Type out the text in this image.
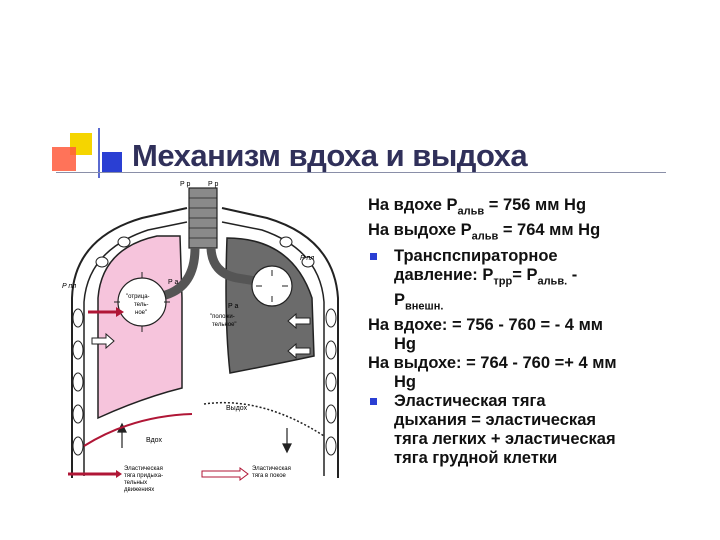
Механизм вдоха и выдоха
P р	P р
P пл
P пл
P а
P а
"отрица-
тель-
ное"
"положи-
тельное"
Вдох
Выдох
Эластическая
тяга придыха-
тельных
движениях
Эластическая
тяга в покое
На вдохе $Р_{альв} = 756$ мм Hg
На выдохе $Р_{альв} = 764$ мм Hg
Транспспираторное
давление: $Р_{трр}= Р_{альв.}$ -
$Р_{внешн.}$
На вдохе: = 756 - 760 = - 4 мм
Hg
На выдохе: = 764 - 760 =+ 4 мм
Hg
Эластическая тяга
дыхания = эластическая
тяга легких + эластическая
тяга грудной клетки
